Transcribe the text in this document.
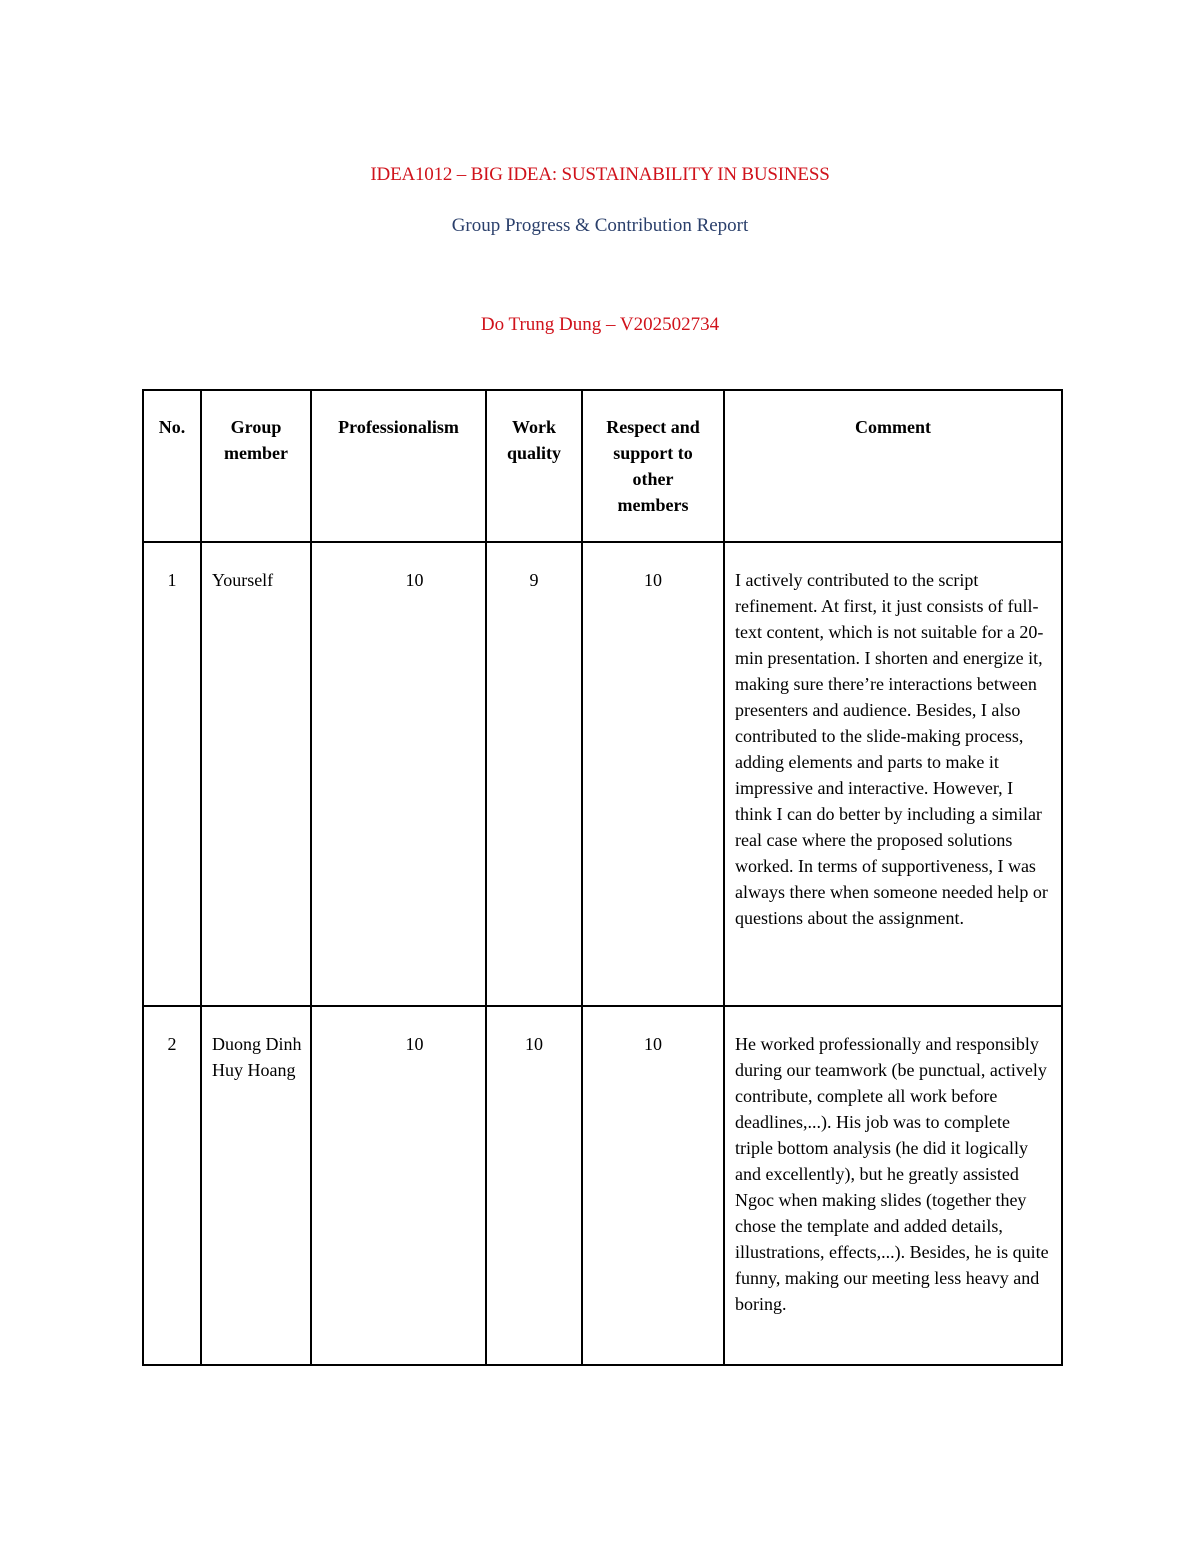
IDEA1012 – BIG IDEA: SUSTAINABILITY IN BUSINESS
Group Progress & Contribution Report
Do Trung Dung – V202502734
No.	Group member	Professionalism	Work quality	Respect and support to other members	Comment

1	Yourself	10	9	10	I actively contributed to the script refinement. At first, it just consists of full-text content, which is not suitable for a 20-min presentation. I shorten and energize it, making sure there’re interactions between presenters and audience. Besides, I also contributed to the slide-making process, adding elements and parts to make it impressive and interactive. However, I think I can do better by including a similar real case where the proposed solutions worked. In terms of supportiveness, I was always there when someone needed help or questions about the assignment.
2	Duong Dinh Huy Hoang	10	10	10	He worked professionally and responsibly during our teamwork (be punctual, actively contribute, complete all work before deadlines,...). His job was to complete triple bottom analysis (he did it logically and excellently), but he greatly assisted Ngoc when making slides (together they chose the template and added details, illustrations, effects,...). Besides, he is quite funny, making our meeting less heavy and boring.
